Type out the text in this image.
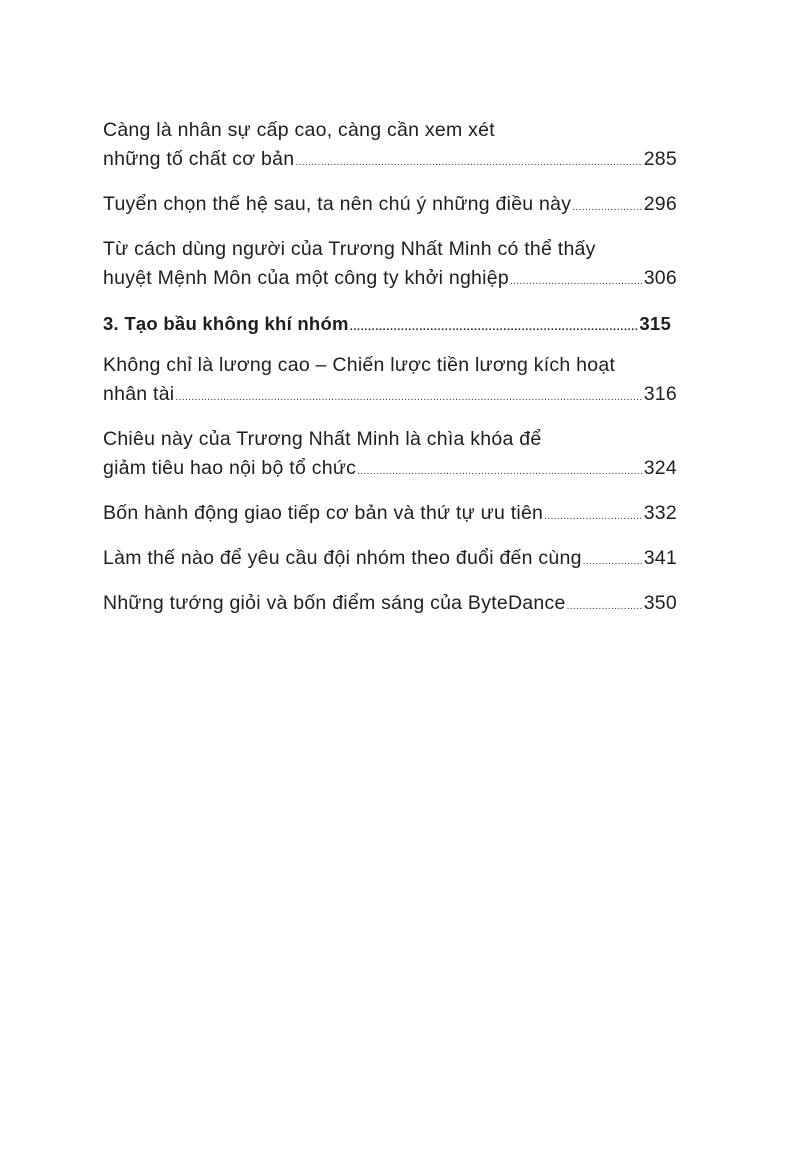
Càng là nhân sự cấp cao, càng cần xem xét
những tố chất cơ bản .....	285
Tuyển chọn thế hệ sau, ta nên chú ý những điều này .....	296
Từ cách dùng người của Trương Nhất Minh có thể thấy
huyệt Mệnh Môn của một công ty khởi nghiệp .....	306
3. Tạo bầu không khí nhóm .....	315
Không chỉ là lương cao – Chiến lược tiền lương kích hoạt
nhân tài .....	316
Chiêu này của Trương Nhất Minh là chìa khóa để
giảm tiêu hao nội bộ tổ chức .....	324
Bốn hành động giao tiếp cơ bản và thứ tự ưu tiên .....	332
Làm thế nào để yêu cầu đội nhóm theo đuổi đến cùng .....	341
Những tướng giỏi và bốn điểm sáng của ByteDance .....	350
